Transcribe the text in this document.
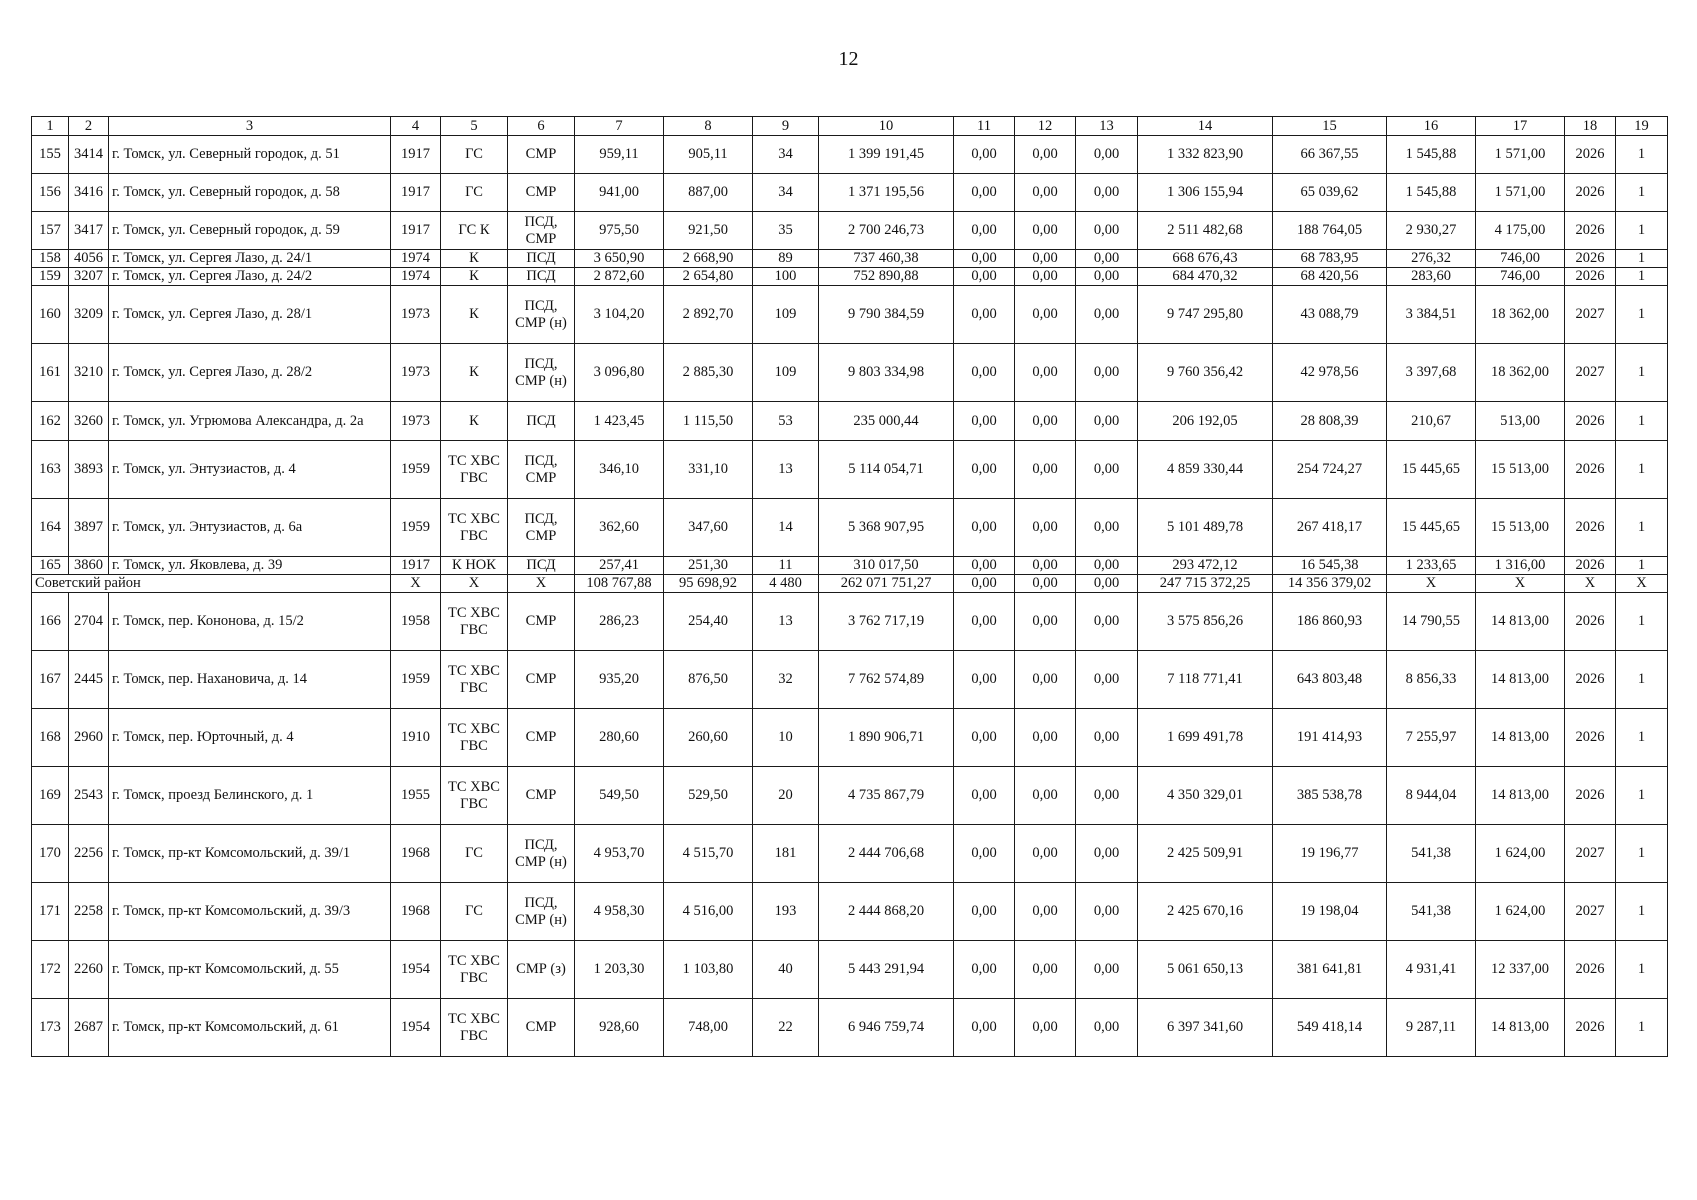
12
1	2	3	4	5	6	7	8	9	10	11	12	13	14	15	16	17	18	19
155	3414	г. Томск, ул. Северный городок, д. 51	1917	ГС	СМР	959,11	905,11	34	1 399 191,45	0,00	0,00	0,00	1 332 823,90	66 367,55	1 545,88	1 571,00	2026	1
156	3416	г. Томск, ул. Северный городок, д. 58	1917	ГС	СМР	941,00	887,00	34	1 371 195,56	0,00	0,00	0,00	1 306 155,94	65 039,62	1 545,88	1 571,00	2026	1
157	3417	г. Томск, ул. Северный городок, д. 59	1917	ГС К	ПСД, СМР	975,50	921,50	35	2 700 246,73	0,00	0,00	0,00	2 511 482,68	188 764,05	2 930,27	4 175,00	2026	1
158	4056	г. Томск, ул. Сергея Лазо, д. 24/1	1974	К	ПСД	3 650,90	2 668,90	89	737 460,38	0,00	0,00	0,00	668 676,43	68 783,95	276,32	746,00	2026	1
159	3207	г. Томск, ул. Сергея Лазо, д. 24/2	1974	К	ПСД	2 872,60	2 654,80	100	752 890,88	0,00	0,00	0,00	684 470,32	68 420,56	283,60	746,00	2026	1
160	3209	г. Томск, ул. Сергея Лазо, д. 28/1	1973	К	ПСД, СМР (н)	3 104,20	2 892,70	109	9 790 384,59	0,00	0,00	0,00	9 747 295,80	43 088,79	3 384,51	18 362,00	2027	1
161	3210	г. Томск, ул. Сергея Лазо, д. 28/2	1973	К	ПСД, СМР (н)	3 096,80	2 885,30	109	9 803 334,98	0,00	0,00	0,00	9 760 356,42	42 978,56	3 397,68	18 362,00	2027	1
162	3260	г. Томск, ул. Угрюмова Александра, д. 2а	1973	К	ПСД	1 423,45	1 115,50	53	235 000,44	0,00	0,00	0,00	206 192,05	28 808,39	210,67	513,00	2026	1
163	3893	г. Томск, ул. Энтузиастов, д. 4	1959	ТС ХВС ГВС	ПСД, СМР	346,10	331,10	13	5 114 054,71	0,00	0,00	0,00	4 859 330,44	254 724,27	15 445,65	15 513,00	2026	1
164	3897	г. Томск, ул. Энтузиастов, д. 6а	1959	ТС ХВС ГВС	ПСД, СМР	362,60	347,60	14	5 368 907,95	0,00	0,00	0,00	5 101 489,78	267 418,17	15 445,65	15 513,00	2026	1
165	3860	г. Томск, ул. Яковлева, д. 39	1917	К НОК	ПСД	257,41	251,30	11	310 017,50	0,00	0,00	0,00	293 472,12	16 545,38	1 233,65	1 316,00	2026	1
Советский район			X	X	X	108 767,88	95 698,92	4 480	262 071 751,27	0,00	0,00	0,00	247 715 372,25	14 356 379,02	X	X	X	X
166	2704	г. Томск, пер. Кононова, д. 15/2	1958	ТС ХВС ГВС	СМР	286,23	254,40	13	3 762 717,19	0,00	0,00	0,00	3 575 856,26	186 860,93	14 790,55	14 813,00	2026	1
167	2445	г. Томск, пер. Нахановича, д. 14	1959	ТС ХВС ГВС	СМР	935,20	876,50	32	7 762 574,89	0,00	0,00	0,00	7 118 771,41	643 803,48	8 856,33	14 813,00	2026	1
168	2960	г. Томск, пер. Юрточный, д. 4	1910	ТС ХВС ГВС	СМР	280,60	260,60	10	1 890 906,71	0,00	0,00	0,00	1 699 491,78	191 414,93	7 255,97	14 813,00	2026	1
169	2543	г. Томск, проезд Белинского, д. 1	1955	ТС ХВС ГВС	СМР	549,50	529,50	20	4 735 867,79	0,00	0,00	0,00	4 350 329,01	385 538,78	8 944,04	14 813,00	2026	1
170	2256	г. Томск, пр-кт Комсомольский, д. 39/1	1968	ГС	ПСД, СМР (н)	4 953,70	4 515,70	181	2 444 706,68	0,00	0,00	0,00	2 425 509,91	19 196,77	541,38	1 624,00	2027	1
171	2258	г. Томск, пр-кт Комсомольский, д. 39/3	1968	ГС	ПСД, СМР (н)	4 958,30	4 516,00	193	2 444 868,20	0,00	0,00	0,00	2 425 670,16	19 198,04	541,38	1 624,00	2027	1
172	2260	г. Томск, пр-кт Комсомольский, д. 55	1954	ТС ХВС ГВС	СМР (з)	1 203,30	1 103,80	40	5 443 291,94	0,00	0,00	0,00	5 061 650,13	381 641,81	4 931,41	12 337,00	2026	1
173	2687	г. Томск, пр-кт Комсомольский, д. 61	1954	ТС ХВС ГВС	СМР	928,60	748,00	22	6 946 759,74	0,00	0,00	0,00	6 397 341,60	549 418,14	9 287,11	14 813,00	2026	1
